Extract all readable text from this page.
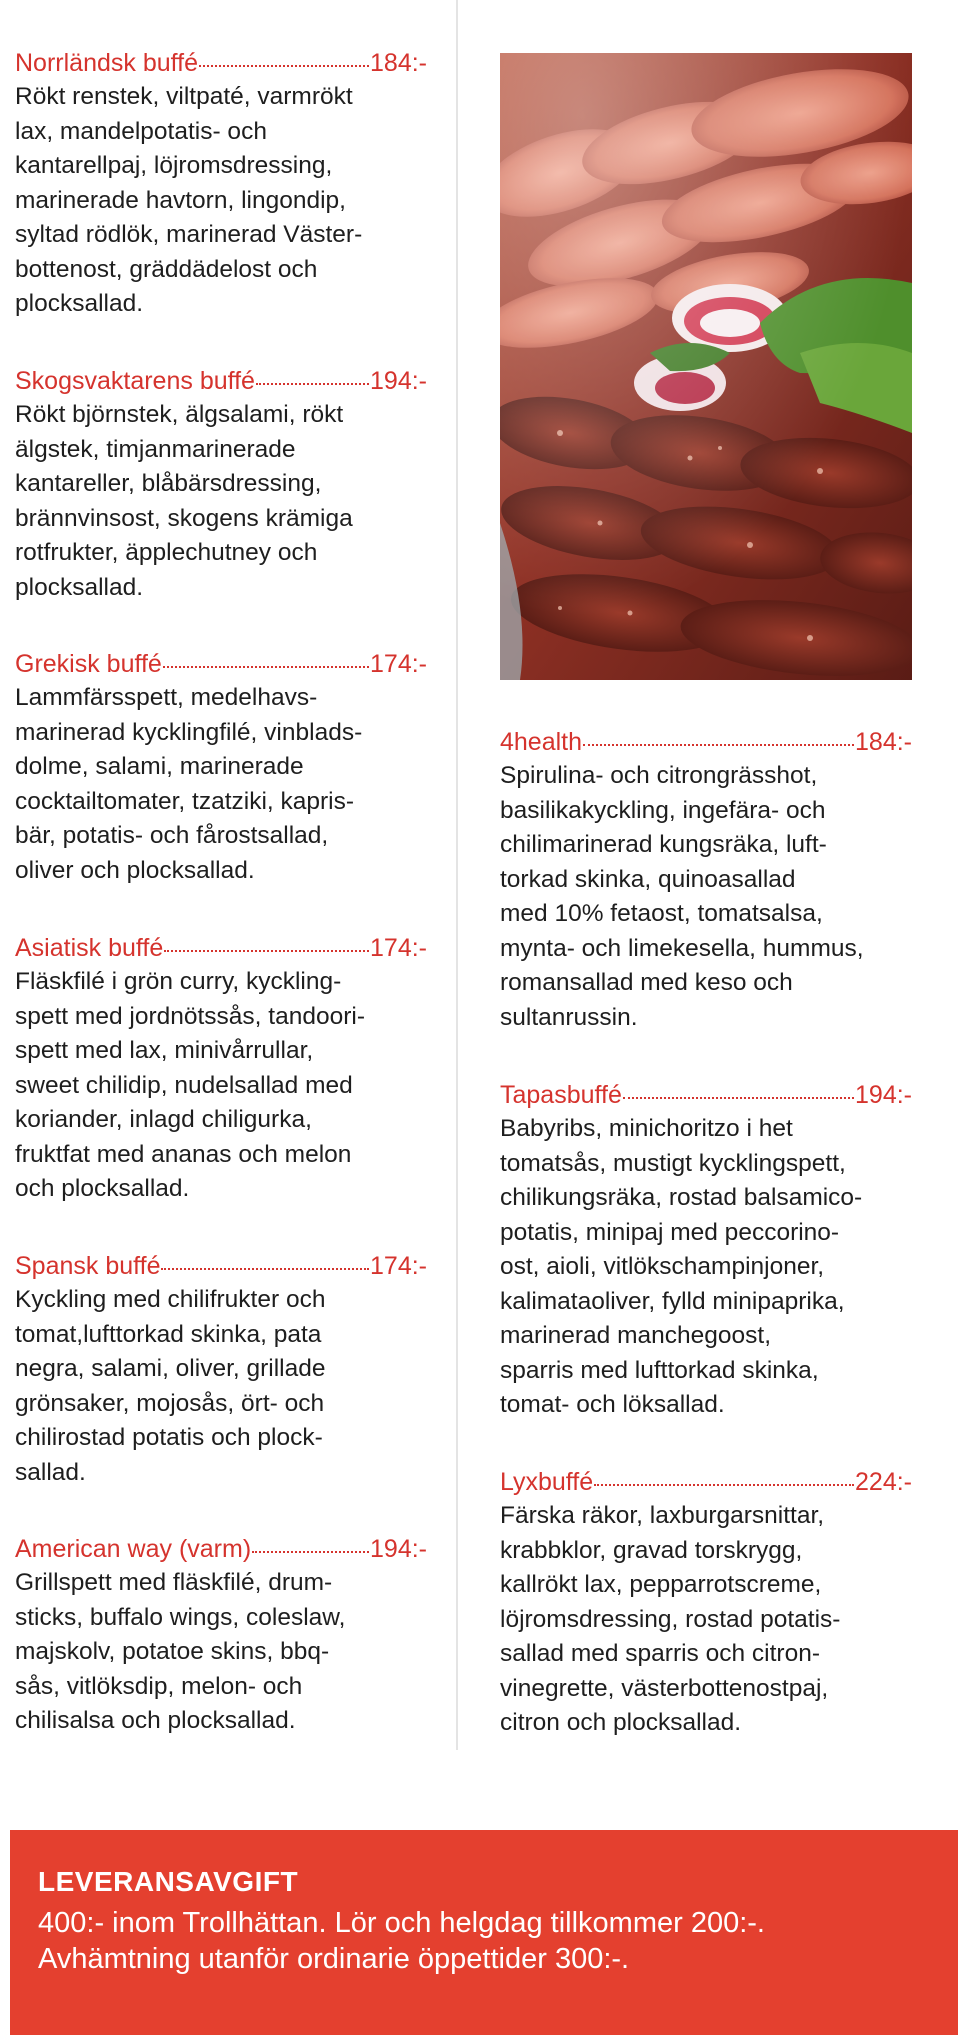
Norrländsk buffé	184:-
Rökt renstek, viltpaté, varmrökt
lax, mandelpotatis- och
kantarellpaj, löjromsdressing,
marinerade havtorn, lingondip,
syltad rödlök, marinerad Väster-
bottenost, gräddädelost och
plocksallad.
Skogsvaktarens buffé	194:-
Rökt björnstek, älgsalami, rökt
älgstek, timjanmarinerade
kantareller, blåbärsdressing,
brännvinsost, skogens krämiga
rotfrukter, äpplechutney och
plocksallad.
Grekisk buffé	174:-
Lammfärsspett, medelhavs-
marinerad kycklingfilé, vinblads-
dolme, salami, marinerade
cocktailtomater, tzatziki, kapris-
bär, potatis- och fårostsallad,
oliver och plocksallad.
Asiatisk buffé	174:-
Fläskfilé i grön curry, kyckling-
spett med jordnötssås, tandoori-
spett med lax, minivårrullar,
sweet chilidip, nudelsallad med
koriander, inlagd chiligurka,
fruktfat med ananas och melon
och plocksallad.
Spansk buffé	174:-
Kyckling med chilifrukter och
tomat,lufttorkad skinka, pata
negra, salami, oliver, grillade
grönsaker, mojosås, ört- och
chilirostad potatis och plock-
sallad.
American way (varm)	194:-
Grillspett med fläskfilé, drum-
sticks, buffalo wings, coleslaw,
majskolv, potatoe skins, bbq-
sås, vitlöksdip, melon- och
chilisalsa och plocksallad.
4health	184:-
Spirulina- och citrongrässhot,
basilikakyckling, ingefära- och
chilimarinerad kungsräka, luft-
torkad skinka, quinoasallad
med 10% fetaost, tomatsalsa,
mynta- och limekesella, hummus,
romansallad med keso och
sultanrussin.
Tapasbuffé	194:-
Babyribs, minichoritzo i het
tomatsås, mustigt kycklingspett,
chilikungsräka, rostad balsamico-
potatis, minipaj med peccorino-
ost, aioli, vitlökschampinjoner,
kalimataoliver, fylld minipaprika,
marinerad manchegoost,
sparris med lufttorkad skinka,
tomat- och löksallad.
Lyxbuffé	224:-
Färska räkor, laxburgarsnittar,
krabbklor, gravad torskrygg,
kallrökt lax, pepparrotscreme,
löjromsdressing, rostad potatis-
sallad med sparris och citron-
vinegrette, västerbottenostpaj,
citron och plocksallad.
LEVERANSAVGIFT
400:- inom Trollhättan. Lör och helgdag tillkommer 200:-.
Avhämtning utanför ordinarie öppettider 300:-.
